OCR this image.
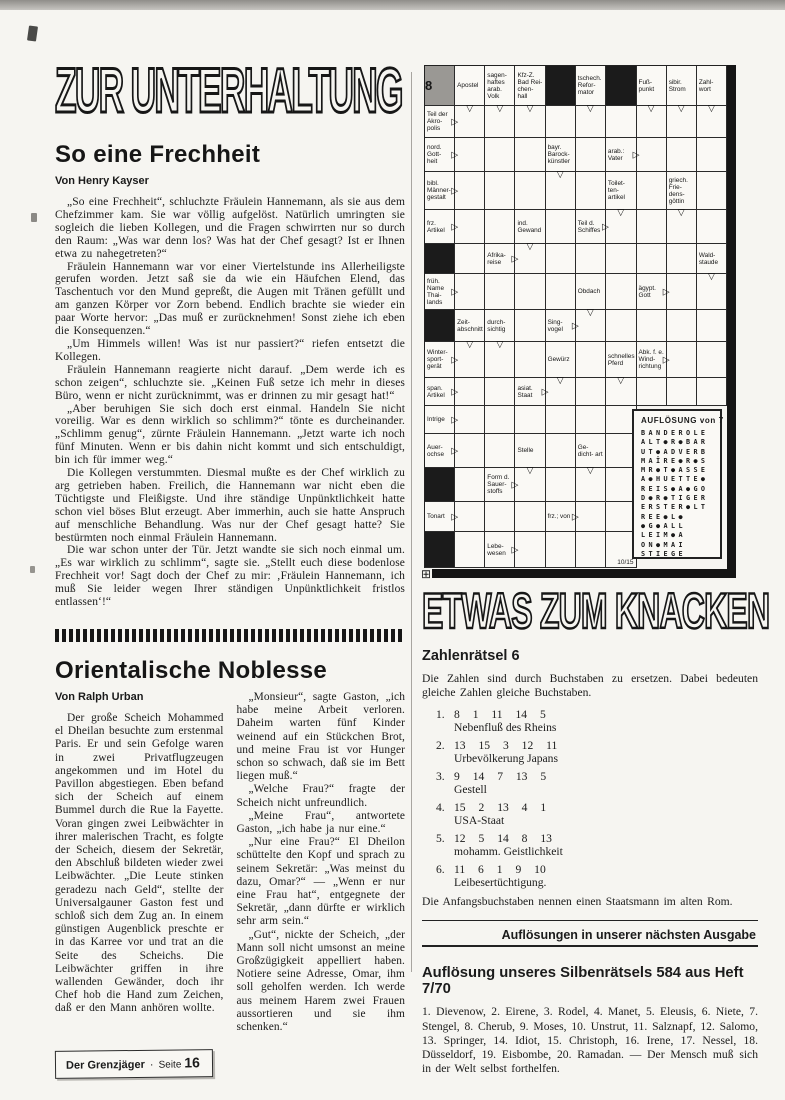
ZUR UNTERHALTUNG
So eine Frechheit
Von Henry Kayser

„So eine Frechheit“, schluchzte Fräulein Hannemann, als sie aus dem Chefzimmer kam. Sie war völlig aufgelöst. Natürlich umringten sie sogleich die lieben Kollegen, und die Fragen schwirrten nur so durch den Raum: „Was war denn los? Was hat der Chef gesagt? Ist er Ihnen etwa zu nahegetreten?“

Fräulein Hannemann war vor einer Viertelstunde ins Allerheiligste gerufen worden. Jetzt saß sie da wie ein Häufchen Elend, das Taschentuch vor den Mund gepreßt, die Augen mit Tränen gefüllt und am ganzen Körper vor Zorn bebend. Endlich brachte sie wieder ein paar Worte hervor: „Das muß er zurücknehmen! Sonst ziehe ich eben die Konsequenzen.“

„Um Himmels willen! Was ist nur passiert?“ riefen entsetzt die Kollegen.

Fräulein Hannemann reagierte nicht darauf. „Dem werde ich es schon zeigen“, schluchzte sie. „Keinen Fuß setze ich mehr in dieses Büro, wenn er nicht zurücknimmt, was er drinnen zu mir gesagt hat!“

„Aber beruhigen Sie sich doch erst einmal. Handeln Sie nicht voreilig. War es denn wirklich so schlimm?“ tönte es durcheinander. „Schlimm genug“, zürnte Fräulein Hannemann. „Jetzt warte ich noch fünf Minuten. Wenn er bis dahin nicht kommt und sich entschuldigt, bin ich für immer weg.“

Die Kollegen verstummten. Diesmal mußte es der Chef wirklich zu arg getrieben haben. Freilich, die Hannemann war nicht eben die Tüchtigste und Fleißigste. Und ihre ständige Unpünktlichkeit hatte schon viel böses Blut erzeugt. Aber immerhin, auch sie hatte Anspruch auf menschliche Behandlung. Was nur der Chef gesagt hatte? Sie bestürmten noch einmal Fräulein Hannemann.

Die war schon unter der Tür. Jetzt wandte sie sich noch einmal um. „Es war wirklich zu schlimm“, sagte sie. „Stellt euch diese bodenlose Frechheit vor! Sagt doch der Chef zu mir: ‚Fräulein Hannemann, ich muß Sie leider wegen Ihrer ständigen Unpünktlichkeit fristlos entlassen‘!“

Orientalische Noblesse
Von Ralph Urban

Der große Scheich Mohammed el Dheilan besuchte zum erstenmal Paris. Er und sein Gefolge waren in zwei Privatflugzeugen angekommen und im Hotel du Pavillon abgestiegen. Eben befand sich der Scheich auf einem Bummel durch die Rue la Fayette. Voran gingen zwei Leibwächter in ihrer malerischen Tracht, es folgte der Scheich, diesem der Sekretär, den Abschluß bildeten wieder zwei Leibwächter. „Die Leute stinken geradezu nach Geld“, stellte der Universalgauner Gaston fest und schloß sich dem Zug an. In einem günstigen Augenblick preschte er in das Karree vor und trat an die Seite des Scheichs. Die Leibwächter griffen in ihre wallenden Gewänder, doch ihr Chef hob die Hand zum Zeichen, daß er den Mann anhören wollte.

„Monsieur“, sagte Gaston, „ich habe meine Arbeit verloren. Daheim warten fünf Kinder weinend auf ein Stückchen Brot, und meine Frau ist vor Hunger schon so schwach, daß sie im Bett liegen muß.“

„Welche Frau?“ fragte der Scheich nicht unfreundlich.

„Meine Frau“, antwortete Gaston, „ich habe ja nur eine.“

„Nur eine Frau?“ El Dheilon schüttelte den Kopf und sprach zu seinem Sekretär: „Was meinst du dazu, Omar?“ — „Wenn er nur eine Frau hat“, entgegnete der Sekretär, „dann dürfte er wirklich sehr arm sein.“

„Gut“, nickte der Scheich, „der Mann soll nicht umsonst an meine Großzügigkeit appelliert haben. Notiere seine Adresse, Omar, ihm soll geholfen werden. Ich werde aus meinem Harem zwei Frauen aussortieren und sie ihm schenken.“

Der Grenzjäger · Seite 16
8	Apostel
sagen- haftes arab. Volk
Kfz-Z. Bad Rei- chen- hall
tschech. Refor- mator
Fuß- punkt
sibir. Strom
Zahl- wort
Teil der Akro- polis
▷
▽	▽	▽	▽	▽	▽	▽
nord. Gott- heit
▷
bayr. Barock- künstler
arab.: Vater	▷
bibl. Männer- gestalt
▷
▽
Toilet- ten- artikel
griech. Frie- dens- göttin
frz. Artikel ▷	ind. Gewand
Teil d. Schiffes ▷
▽	▽
Afrika- reise	▷
▽
Wald- staude
früh. Name Thai- lands
▷	Obdach	ägypt. Gott	▷
▽
Zeit- abschnitt
durch- sichtig
Sing- vogel ▷
▽
Winter- sport- gerät
▷
▽	▽
Gewürz	schnelles Pferd
Abk. f. e. Wind- richtung
▷
span. Artikel ▷	asiat. Staat	▷
▽	▽
Intrige ▷
Auer- ochse ▷	Stelle	Ge- dicht- art
Form d. Sauer- stoffs
▷
▽	▽
Tonart ▷	frz.; von ▷
Lebe- wesen ▷
10/15
AUFLÖSUNG von 7
BANDEROLE
ALT●R●BAR
UT●ADVERB
MAÎRE●R●S
MR●T●ASSE
A●HUETTE●
REIS●A●GO
D●R●TIGER
ERSTER●LT
REE●L●
●G●ALL
LEIM●A
ON●MAI
STIEGE
⊞
ETWAS ZUM KNACKEN
Zahlenrätsel 6

Die Zahlen sind durch Buchstaben zu ersetzen. Dabei bedeuten gleiche Zahlen gleiche Buchstaben.

1. 8 1 11 14 5
Nebenfluß des Rheins
2. 13 15 3 12 11
Urbevölkerung Japans
3. 9 14 7 13 5
Gestell
4. 15 2 13 4 1
USA-Staat
5. 12 5 14 8 13
mohamm. Geistlichkeit
6. 11 6 1 9 10
Leibesertüchtigung.

Die Anfangsbuchstaben nennen einen Staatsmann im alten Rom.

Auflösungen in unserer nächsten Ausgabe
Auflösung unseres Silbenrätsels 584 aus Heft 7/70

1. Dievenow, 2. Eirene, 3. Rodel, 4. Manet, 5. Eleusis, 6. Niete, 7. Stengel, 8. Cherub, 9. Moses, 10. Unstrut, 11. Salznapf, 12. Salomo, 13. Springer, 14. Idiot, 15. Christoph, 16. Irene, 17. Nessel, 18. Düsseldorf, 19. Eisbombe, 20. Ramadan. — Der Mensch muß sich in der Welt selbst forthelfen.
